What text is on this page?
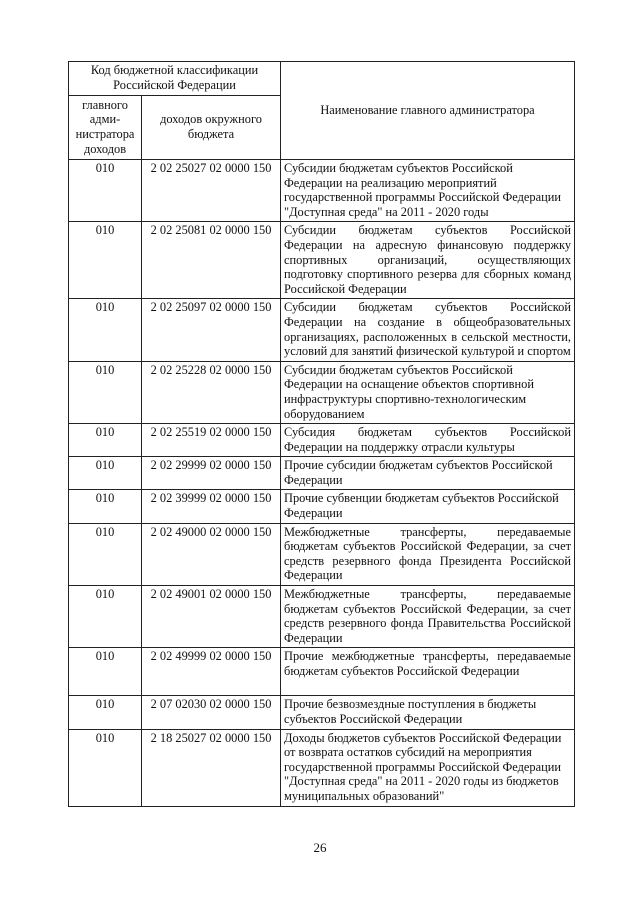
Код бюджетной классификации Российской Федерации		Наименование главного администратора
главного адми-нистратора доходов	доходов окружного бюджета	
010	2 02 25027 02 0000 150	Субсидии бюджетам субъектов Российской Федерации на реализацию мероприятий государственной программы Российской Федерации "Доступная среда" на 2011 - 2020 годы
010	2 02 25081 02 0000 150	Субсидии бюджетам субъектов Российской Федерации на адресную финансовую поддержку спортивных организаций, осуществляющих подготовку спортивного резерва для сборных команд Российской Федерации
010	2 02 25097 02 0000 150	Субсидии бюджетам субъектов Российской Федерации на создание в общеобразовательных организациях, расположенных в сельской местности, условий для занятий физической культурой и спортом
010	2 02 25228 02 0000 150	Субсидии бюджетам субъектов Российской Федерации на оснащение объектов спортивной инфраструктуры спортивно-технологическим оборудованием
010	2 02 25519 02 0000 150	Субсидия бюджетам субъектов Российской Федерации на поддержку отрасли культуры
010	2 02 29999 02 0000 150	Прочие субсидии бюджетам субъектов Российской Федерации
010	2 02 39999 02 0000 150	Прочие субвенции бюджетам субъектов Российской Федерации
010	2 02 49000 02 0000 150	Межбюджетные трансферты, передаваемые бюджетам субъектов Российской Федерации, за счет средств резервного фонда Президента Российской Федерации
010	2 02 49001 02 0000 150	Межбюджетные трансферты, передаваемые бюджетам субъектов Российской Федерации, за счет средств резервного фонда Правительства Российской Федерации
010	2 02 49999 02 0000 150	Прочие межбюджетные трансферты, передаваемые бюджетам субъектов Российской Федерации
010	2 07 02030 02 0000 150	Прочие безвозмездные поступления в бюджеты субъектов Российской Федерации
010	2 18 25027 02 0000 150	Доходы бюджетов субъектов Российской Федерации от возврата остатков субсидий на мероприятия государственной программы Российской Федерации "Доступная среда" на 2011 - 2020 годы из бюджетов муниципальных образований"
26
